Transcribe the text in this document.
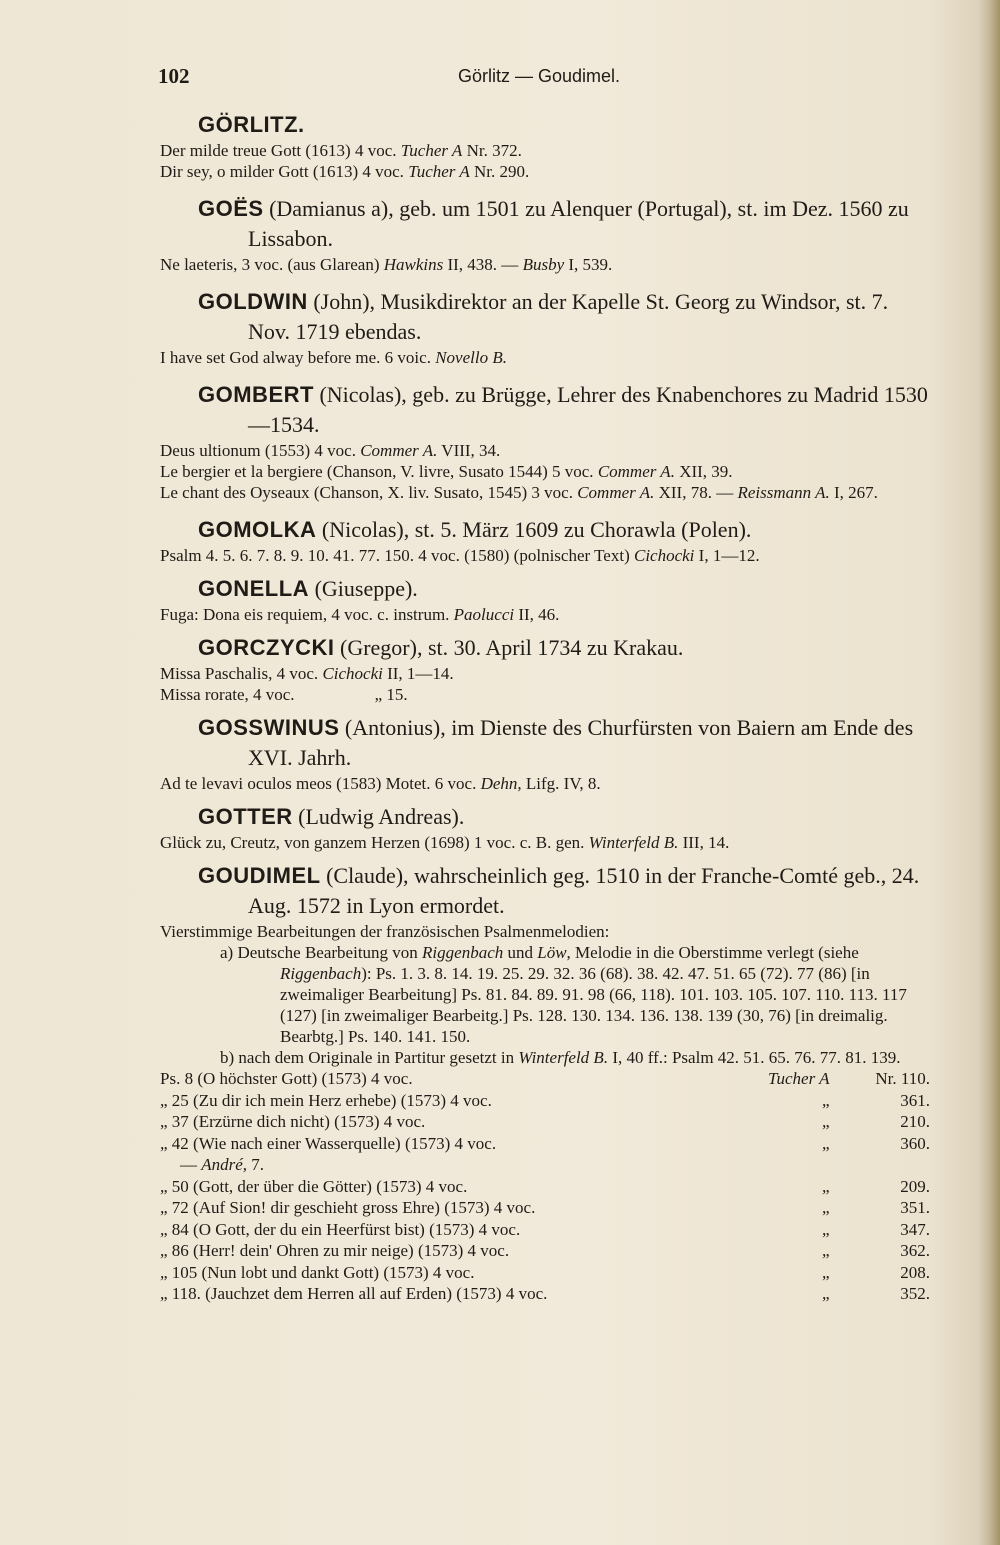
102	Görlitz — Goudimel.
GÖRLITZ.
Der milde treue Gott (1613) 4 voc. Tucher A Nr. 372.
Dir sey, o milder Gott (1613) 4 voc. Tucher A Nr. 290.
GOËS (Damianus a), geb. um 1501 zu Alenquer (Portugal), st. im Dez. 1560 zu Lissabon.
Ne laeteris, 3 voc. (aus Glarean) Hawkins II, 438. — Busby I, 539.
GOLDWIN (John), Musikdirektor an der Kapelle St. Georg zu Windsor, st. 7. Nov. 1719 ebendas.
I have set God alway before me. 6 voic. Novello B.
GOMBERT (Nicolas), geb. zu Brügge, Lehrer des Knabenchores zu Madrid 1530—1534.
Deus ultionum (1553) 4 voc. Commer A. VIII, 34.
Le bergier et la bergiere (Chanson, V. livre, Susato 1544) 5 voc. Commer A. XII, 39.
Le chant des Oyseaux (Chanson, X. liv. Susato, 1545) 3 voc. Commer A. XII, 78. — Reissmann A. I, 267.
GOMOLKA (Nicolas), st. 5. März 1609 zu Chorawla (Polen).
Psalm 4. 5. 6. 7. 8. 9. 10. 41. 77. 150. 4 voc. (1580) (polnischer Text) Cichocki I, 1—12.
GONELLA (Giuseppe).
Fuga: Dona eis requiem, 4 voc. c. instrum. Paolucci II, 46.
GORCZYCKI (Gregor), st. 30. April 1734 zu Krakau.
Missa Paschalis, 4 voc. Cichocki II, 1—14.
Missa rorate, 4 voc.	„ 15.
GOSSWINUS (Antonius), im Dienste des Churfürsten von Baiern am Ende des XVI. Jahrh.
Ad te levavi oculos meos (1583) Motet. 6 voc. Dehn, Lifg. IV, 8.
GOTTER (Ludwig Andreas).
Glück zu, Creutz, von ganzem Herzen (1698) 1 voc. c. B. gen. Winterfeld B. III, 14.
GOUDIMEL (Claude), wahrscheinlich geg. 1510 in der Franche-Comté geb., 24. Aug. 1572 in Lyon ermordet.
Vierstimmige Bearbeitungen der französischen Psalmenmelodien:
a) Deutsche Bearbeitung von Riggenbach und Löw, Melodie in die Oberstimme verlegt (siehe Riggenbach): Ps. 1. 3. 8. 14. 19. 25. 29. 32. 36 (68). 38. 42. 47. 51. 65 (72). 77 (86) [in zweimaliger Bearbeitung] Ps. 81. 84. 89. 91. 98 (66, 118). 101. 103. 105. 107. 110. 113. 117 (127) [in zweimaliger Bearbeitg.] Ps. 128. 130. 134. 136. 138. 139 (30, 76) [in dreimalig. Bearbtg.] Ps. 140. 141. 150.
b) nach dem Originale in Partitur gesetzt in Winterfeld B. I, 40 ff.: Psalm 42. 51. 65. 76. 77. 81. 139.
Ps. 8 (O höchster Gott) (1573) 4 voc.	Tucher A	Nr. 110.
„ 25 (Zu dir ich mein Herz erhebe) (1573) 4 voc.	„	361.
„ 37 (Erzürne dich nicht) (1573) 4 voc.	„	210.
„ 42 (Wie nach einer Wasserquelle) (1573) 4 voc.	„	360.
— André, 7.
„ 50 (Gott, der über die Götter) (1573) 4 voc.	„	209.
„ 72 (Auf Sion! dir geschieht gross Ehre) (1573) 4 voc.	„	351.
„ 84 (O Gott, der du ein Heerfürst bist) (1573) 4 voc.	„	347.
„ 86 (Herr! dein' Ohren zu mir neige) (1573) 4 voc.	„	362.
„ 105 (Nun lobt und dankt Gott) (1573) 4 voc.	„	208.
„ 118. (Jauchzet dem Herren all auf Erden) (1573) 4 voc.	„	352.
